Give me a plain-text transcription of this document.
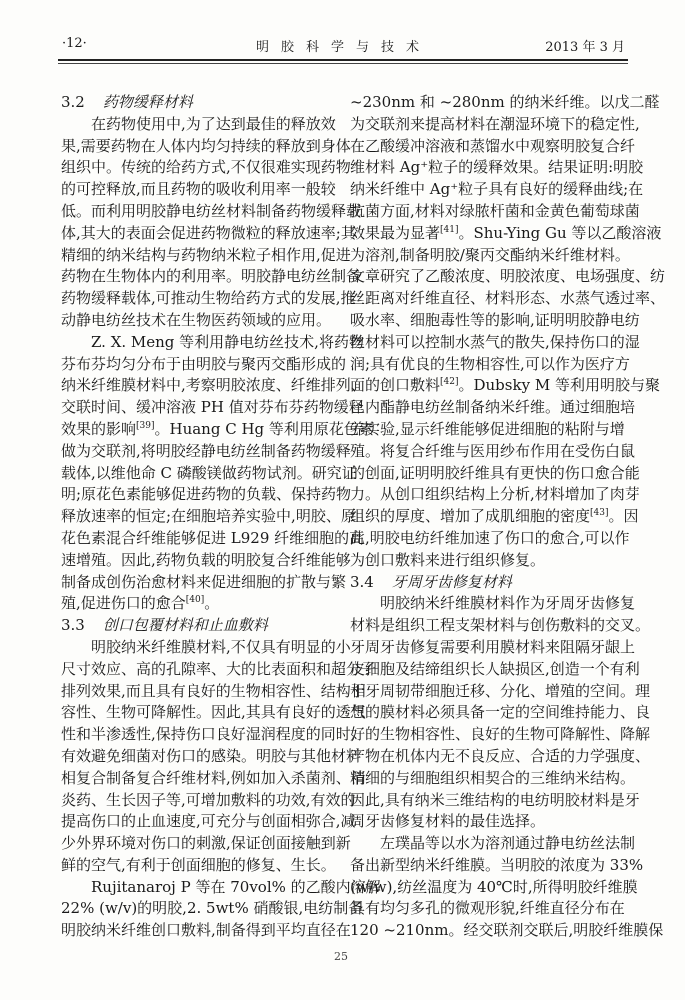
·12·	明胶科学与技术	2013 年 3 月
3.2 药物缓释材料
在药物使用中,为了达到最佳的释放效
果,需要药物在人体内均匀持续的释放到身体
组织中。传统的给药方式,不仅很难实现药物
的可控释放,而且药物的吸收利用率一般较
低。而利用明胶静电纺丝材料制备药物缓释载
体,其大的表面会促进药物微粒的释放速率;其
精细的纳米结构与药物纳米粒子相作用,促进
药物在生物体内的利用率。明胶静电纺丝制备
药物缓释载体,可推动生物给药方式的发展,推
动静电纺丝技术在生物医药领域的应用。
Z. X. Meng 等利用静电纺丝技术,将药物
芬布芬均匀分布于由明胶与聚丙交酯形成的
纳米纤维膜材料中,考察明胶浓度、纤维排列、
交联时间、缓冲溶液 PH 值对芬布芬药物缓释
效果的影响[39]。Huang C Hg 等利用原花色素
做为交联剂,将明胶经静电纺丝制备药物缓释
载体,以维他命 C 磷酸镁做药物试剂。研究证
明;原花色素能够促进药物的负载、保持药物
释放速率的恒定;在细胞培养实验中,明胶、原
花色素混合纤维能够促进 L929 纤维细胞的高
速增殖。因此,药物负载的明胶复合纤维能够
制备成创伤治愈材料来促进细胞的扩散与繁
殖,促进伤口的愈合[40]。
3.3 创口包覆材料和止血敷料
明胶纳米纤维膜材料,不仅具有明显的小
尺寸效应、高的孔隙率、大的比表面积和超分子
排列效果,而且具有良好的生物相容性、结构相
容性、生物可降解性。因此,其具有良好的透气
性和半渗透性,保持伤口良好湿润程度的同时,
有效避免细菌对伤口的感染。明胶与其他材料
相复合制备复合纤维材料,例如加入杀菌剂、消
炎药、生长因子等,可增加敷料的功效,有效的
提高伤口的止血速度,可充分与创面相弥合,减
少外界环境对伤口的刺激,保证创面接触到新
鲜的空气,有利于创面细胞的修复、生长。
Rujitanaroj P 等在 70vol% 的乙酸内溶解
22% (w/v)的明胶,2. 5wt% 硝酸银,电纺制备
明胶纳米纤维创口敷料,制备得到平均直径在
~230nm 和 ~280nm 的纳米纤维。以戊二醛
为交联剂来提高材料在潮湿环境下的稳定性,
在乙酸缓冲溶液和蒸馏水中观察明胶复合纤
维材料 Ag⁺粒子的缓释效果。结果证明:明胶
纳米纤维中 Ag⁺粒子具有良好的缓释曲线;在
抗菌方面,材料对绿脓杆菌和金黄色葡萄球菌
效果最为显著[41]。Shu-Ying Gu 等以乙酸溶液
为溶剂,制备明胶/聚丙交酯纳米纤维材料。
文章研究了乙酸浓度、明胶浓度、电场强度、纺
丝距离对纤维直径、材料形态、水蒸气透过率、
吸水率、细胞毒性等的影响,证明明胶静电纺
丝材料可以控制水蒸气的散失,保持伤口的湿
润;具有优良的生物相容性,可以作为医疗方
面的创口敷料[42]。Dubsky M 等利用明胶与聚
己内酯静电纺丝制备纳米纤维。通过细胞培
养实验,显示纤维能够促进细胞的粘附与增
殖。将复合纤维与医用纱布作用在受伤白鼠
的创面,证明明胶纤维具有更快的伤口愈合能
力。从创口组织结构上分析,材料增加了肉芽
组织的厚度、增加了成肌细胞的密度[43]。因
此,明胶电纺纤维加速了伤口的愈合,可以作
为创口敷料来进行组织修复。
3.4 牙周牙齿修复材料
明胶纳米纤维膜材料作为牙周牙齿修复
材料是组织工程支架材料与创伤敷料的交叉。
牙周牙齿修复需要利用膜材料来阻隔牙龈上
皮细胞及结缔组织长人缺损区,创造一个有利
于牙周韧带细胞迁移、分化、增殖的空间。理
想的膜材料必须具备一定的空间维持能力、良
好的生物相容性、良好的生物可降解性、降解
产物在机体内无不良反应、合适的力学强度、
精细的与细胞组织相契合的三维纳米结构。
因此,具有纳米三维结构的电纺明胶材料是牙
周牙齿修复材料的最佳选择。
左璞晶等以水为溶剂通过静电纺丝法制
备出新型纳米纤维膜。当明胶的浓度为 33%
(w/w),纺丝温度为 40℃时,所得明胶纤维膜
具有均匀多孔的微观形貌,纤维直径分布在
120 ~210nm。经交联剂交联后,明胶纤维膜保
25
